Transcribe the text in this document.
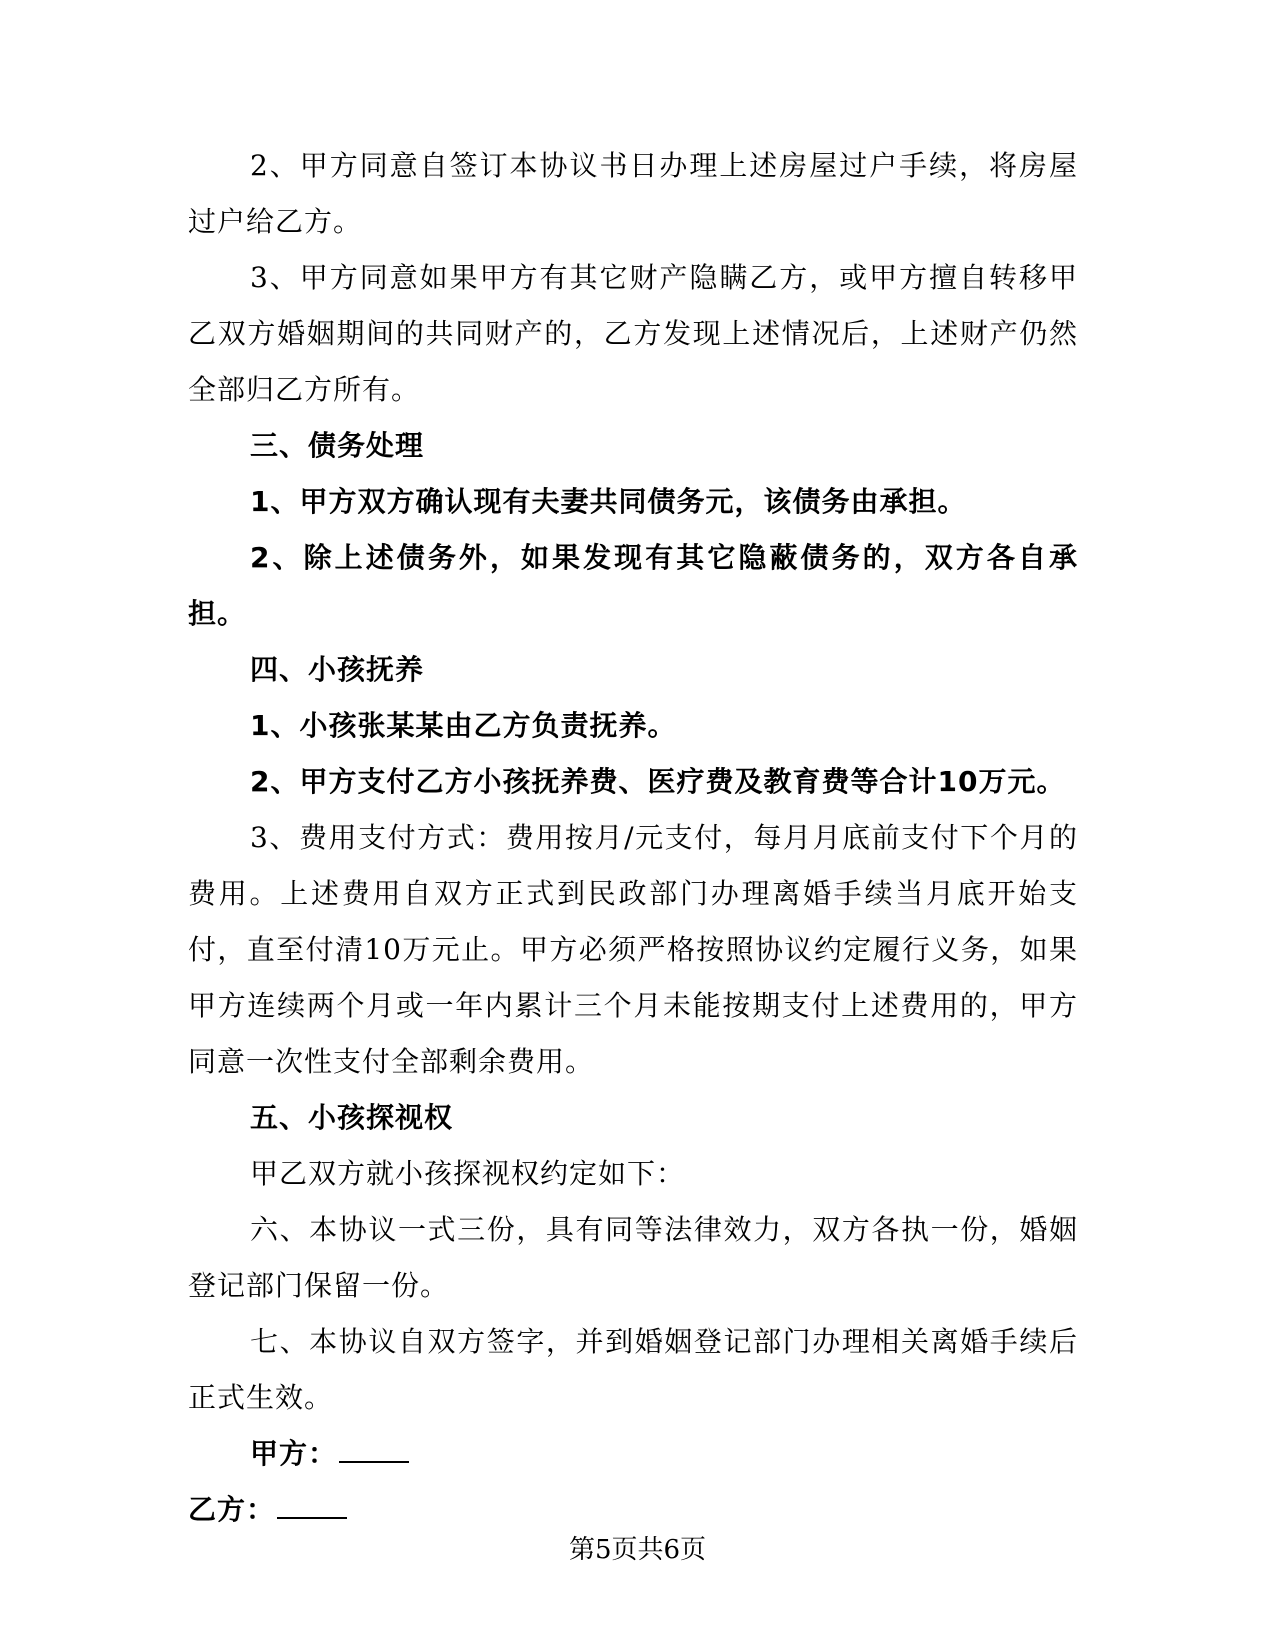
2、甲方同意自签订本协议书日办理上述房屋过户手续，将房屋过户给乙方。

3、甲方同意如果甲方有其它财产隐瞒乙方，或甲方擅自转移甲乙双方婚姻期间的共同财产的，乙方发现上述情况后，上述财产仍然全部归乙方所有。

三、债务处理

1、甲方双方确认现有夫妻共同债务元，该债务由承担。

2、除上述债务外，如果发现有其它隐蔽债务的，双方各自承担。

四、小孩抚养

1、小孩张某某由乙方负责抚养。

2、甲方支付乙方小孩抚养费、医疗费及教育费等合计10万元。

3、费用支付方式：费用按月/元支付，每月月底前支付下个月的费用。上述费用自双方正式到民政部门办理离婚手续当月底开始支付，直至付清10万元止。甲方必须严格按照协议约定履行义务，如果甲方连续两个月或一年内累计三个月未能按期支付上述费用的，甲方同意一次性支付全部剩余费用。

五、小孩探视权

甲乙双方就小孩探视权约定如下：

六、本协议一式三份，具有同等法律效力，双方各执一份，婚姻登记部门保留一份。

七、本协议自双方签字，并到婚姻登记部门办理相关离婚手续后正式生效。

甲方：

乙方：

第5页共6页
